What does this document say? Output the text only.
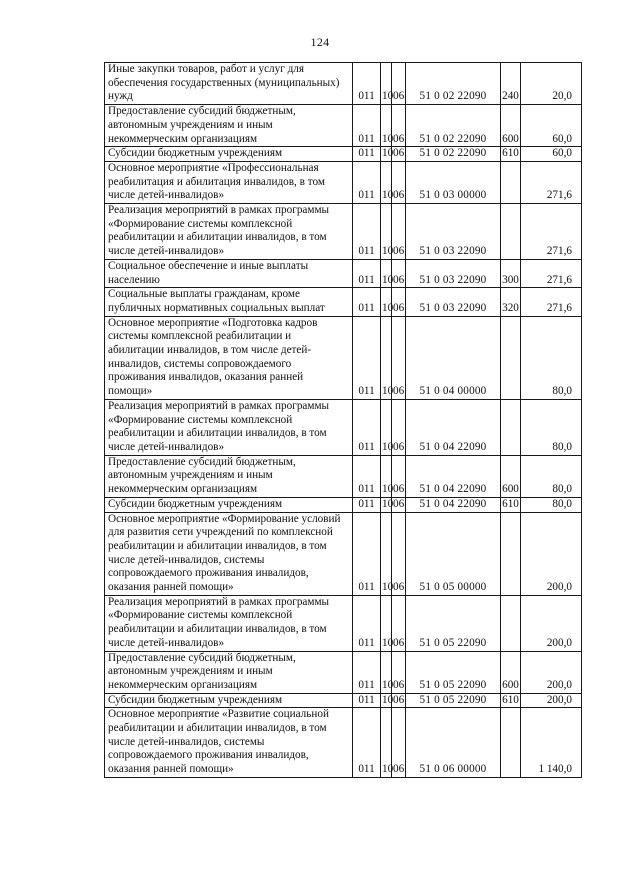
124
Иные закупки товаров, работ и услуг для обеспечения государственных (муниципальных) нужд	011	10	06	51 0 02 22090	240	20,0
Предоставление субсидий бюджетным, автономным учреждениям и иным некоммерческим организациям	011	10	06	51 0 02 22090	600	60,0
Субсидии бюджетным учреждениям	011	10	06	51 0 02 22090	610	60,0
Основное мероприятие «Профессиональная реабилитация и абилитация инвалидов, в том числе детей-инвалидов»	011	10	06	51 0 03 00000		271,6
Реализация мероприятий в рамках программы «Формирование системы комплексной реабилитации и абилитации инвалидов, в том числе детей-инвалидов»	011	10	06	51 0 03 22090		271,6
Социальное обеспечение и иные выплаты населению	011	10	06	51 0 03 22090	300	271,6
Социальные выплаты гражданам, кроме публичных нормативных социальных выплат	011	10	06	51 0 03 22090	320	271,6
Основное мероприятие «Подготовка кадров системы комплексной реабилитации и абилитации инвалидов, в том числе детей-инвалидов, системы сопровождаемого проживания инвалидов, оказания ранней помощи»	011	10	06	51 0 04 00000		80,0
Реализация мероприятий в рамках программы «Формирование системы комплексной реабилитации и абилитации инвалидов, в том числе детей-инвалидов»	011	10	06	51 0 04 22090		80,0
Предоставление субсидий бюджетным, автономным учреждениям и иным некоммерческим организациям	011	10	06	51 0 04 22090	600	80,0
Субсидии бюджетным учреждениям	011	10	06	51 0 04 22090	610	80,0
Основное мероприятие «Формирование условий для развития сети учреждений по комплексной реабилитации и абилитации инвалидов, в том числе детей-инвалидов, системы сопровождаемого проживания инвалидов, оказания ранней помощи»	011	10	06	51 0 05 00000		200,0
Реализация мероприятий в рамках программы «Формирование системы комплексной реабилитации и абилитации инвалидов, в том числе детей-инвалидов»	011	10	06	51 0 05 22090		200,0
Предоставление субсидий бюджетным, автономным учреждениям и иным некоммерческим организациям	011	10	06	51 0 05 22090	600	200,0
Субсидии бюджетным учреждениям	011	10	06	51 0 05 22090	610	200,0
Основное мероприятие «Развитие социальной реабилитации и абилитации инвалидов, в том числе детей-инвалидов, системы сопровождаемого проживания инвалидов, оказания ранней помощи»	011	10	06	51 0 06 00000		1 140,0
